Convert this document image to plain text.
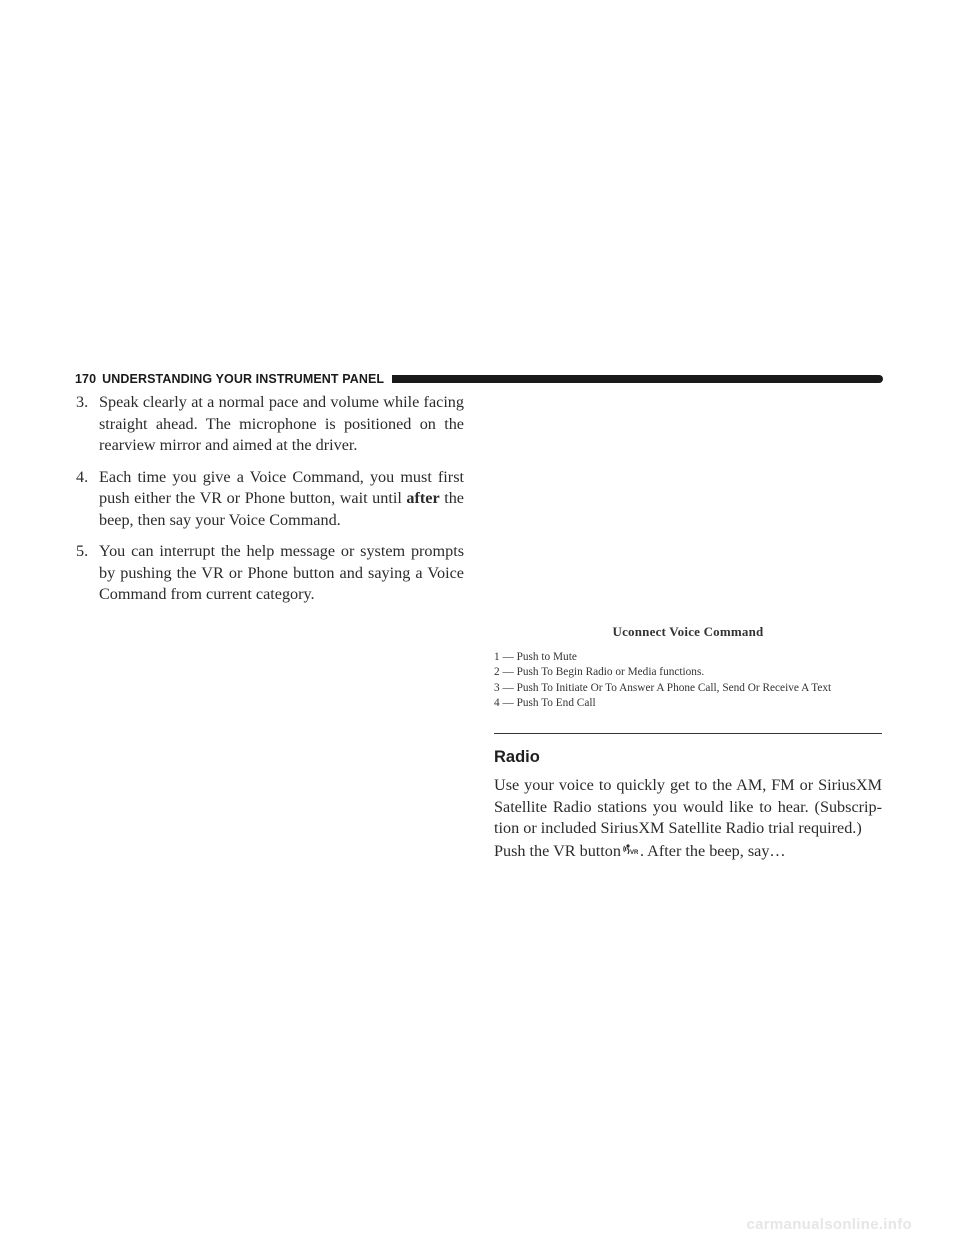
170 UNDERSTANDING YOUR INSTRUMENT PANEL
3. Speak clearly at a normal pace and volume while facing straight ahead. The microphone is positioned on the rearview mirror and aimed at the driver.
4. Each time you give a Voice Command, you must first push either the VR or Phone button, wait until after the beep, then say your Voice Command.
5. You can interrupt the help message or system prompts by pushing the VR or Phone button and saying a Voice Command from current category.
Uconnect Voice Command
1 — Push to Mute
2 — Push To Begin Radio or Media functions.
3 — Push To Initiate Or To Answer A Phone Call, Send Or Receive A Text
4 — Push To End Call
Radio
Use your voice to quickly get to the AM, FM or SiriusXM Satellite Radio stations you would like to hear. (Subscrip-tion or included SiriusXM Satellite Radio trial required.)
Push the VR button VR . After the beep, say…
carmanualsonline.info
